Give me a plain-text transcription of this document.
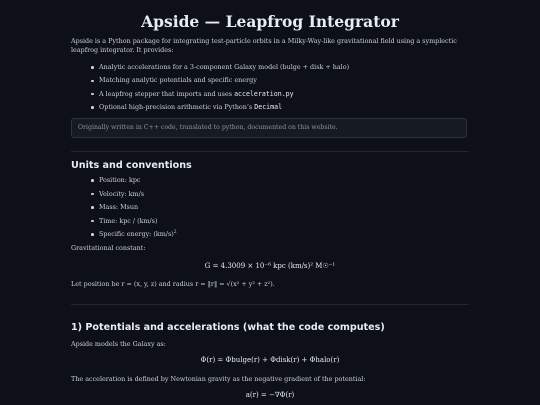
Apside — Leapfrog Integrator
Apside is a Python package for integrating test-particle orbits in a Milky-Way-like gravitational field using a symplectic leapfrog integrator. It provides:
Analytic accelerations for a 3-component Galaxy model (bulge + disk + halo)
Matching analytic potentials and specific energy
A leapfrog stepper that imports and uses acceleration.py
Optional high-precision arithmetic via Python’s Decimal
Originally written in C++ code, translated to python, documented on this website.
Units and conventions
Position: kpc
Velocity: km/s
Mass: Msun
Time: kpc / (km/s)
Specific energy: $(km/s)^2$
Gravitational constant:
G = 4.3009 × 10⁻⁶ kpc (km/s)² M☉⁻¹
Let position be r = (x, y, z) and radius r = ‖r‖ = √(x² + y² + z²).
1) Potentials and accelerations (what the code computes)
Apside models the Galaxy as:
Φ(r) = Φbulge(r) + Φdisk(r) + Φhalo(r)
The acceleration is defined by Newtonian gravity as the negative gradient of the potential:
a(r) = −∇Φ(r)
